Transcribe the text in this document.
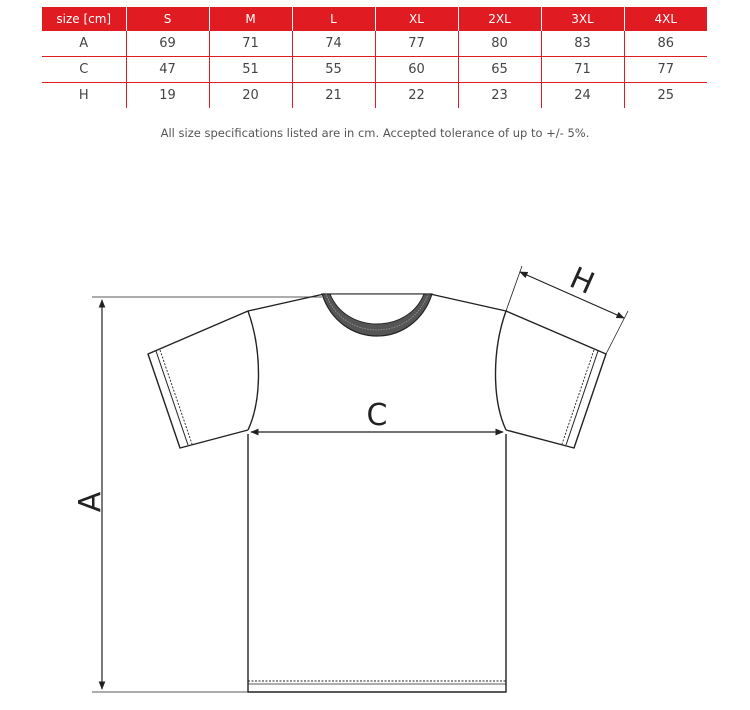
size [cm]	S	M	L	XL	2XL	3XL	4XL
A	69	71	74	77	80	83	86
C	47	51	55	60	65	71	77
H	19	20	21	22	23	24	25
All size specifications listed are in cm. Accepted tolerance of up to +/- 5%.
A
C
H
